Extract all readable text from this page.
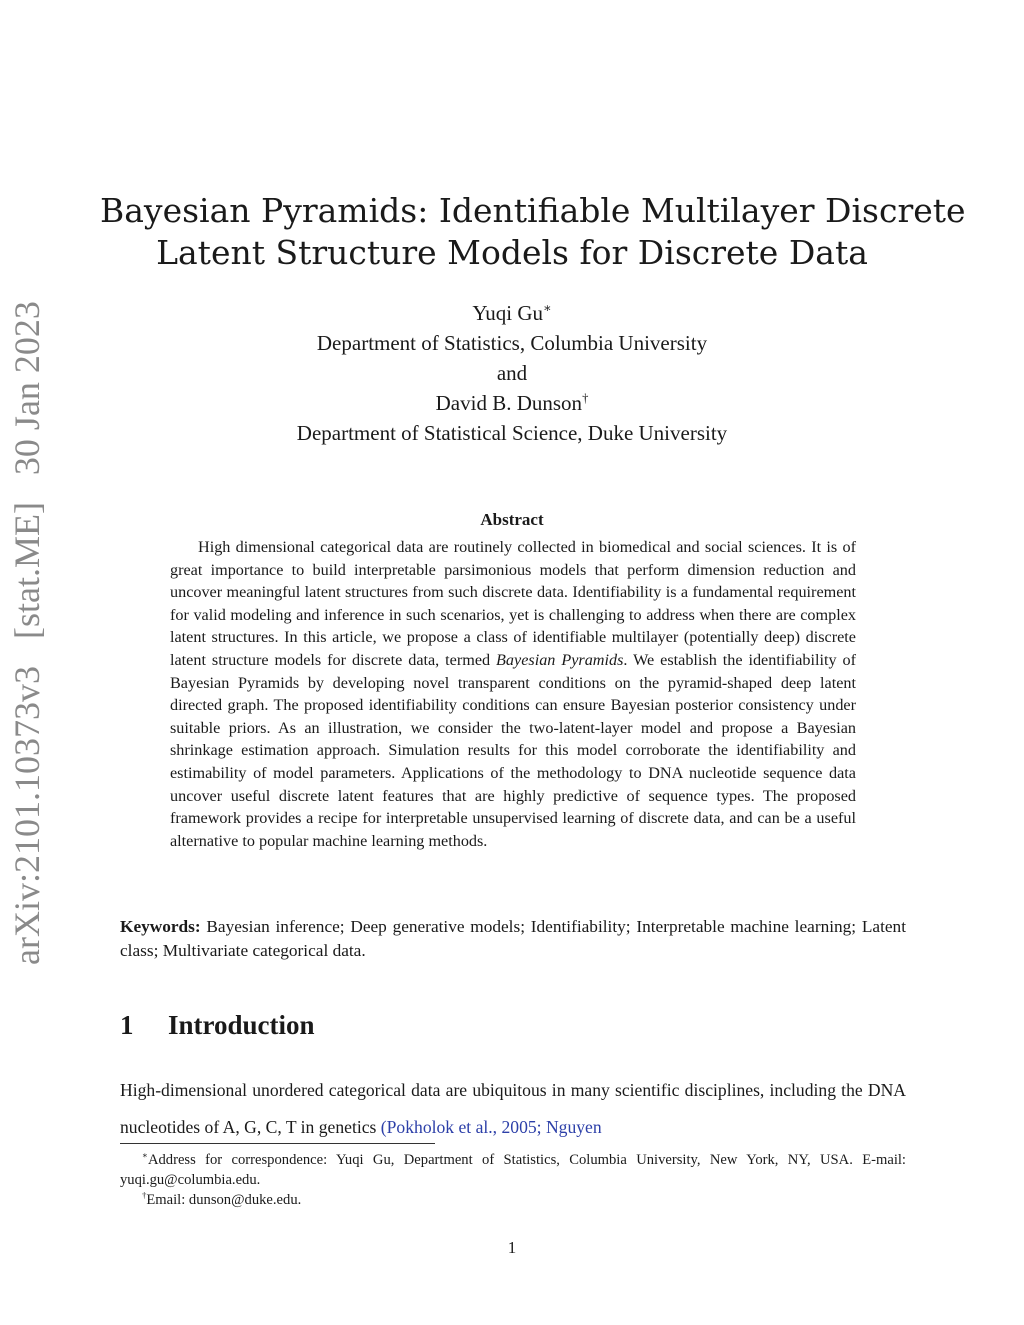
arXiv:2101.10373v3 [stat.ME] 30 Jan 2023
Bayesian Pyramids: Identifiable Multilayer Discrete
Latent Structure Models for Discrete Data
Yuqi Gu∗
Department of Statistics, Columbia University
and
David B. Dunson†
Department of Statistical Science, Duke University
Abstract
High dimensional categorical data are routinely collected in biomedical and social sciences. It is of great importance to build interpretable parsimonious models that perform dimension reduction and uncover meaningful latent structures from such discrete data. Identifiability is a fundamental requirement for valid modeling and inference in such scenarios, yet is challenging to address when there are complex latent structures. In this article, we propose a class of identifiable multilayer (potentially deep) discrete latent structure models for discrete data, termed Bayesian Pyramids. We establish the identifiability of Bayesian Pyramids by developing novel transparent conditions on the pyramid-shaped deep latent directed graph. The proposed identifiability conditions can ensure Bayesian posterior consistency under suitable priors. As an illustration, we consider the two-latent-layer model and propose a Bayesian shrinkage estimation approach. Simulation results for this model corroborate the identifiability and estimability of model parameters. Applications of the methodology to DNA nucleotide sequence data uncover useful discrete latent features that are highly predictive of sequence types. The proposed framework provides a recipe for interpretable unsupervised learning of discrete data, and can be a useful alternative to popular machine learning methods.
Keywords: Bayesian inference; Deep generative models; Identifiability; Interpretable machine learning; Latent class; Multivariate categorical data.
1 Introduction
High-dimensional unordered categorical data are ubiquitous in many scientific disciplines, including the DNA nucleotides of A, G, C, T in genetics (Pokholok et al., 2005; Nguyen
∗Address for correspondence: Yuqi Gu, Department of Statistics, Columbia University, New York, NY, USA. E-mail: yuqi.gu@columbia.edu.
†Email: dunson@duke.edu.
1
